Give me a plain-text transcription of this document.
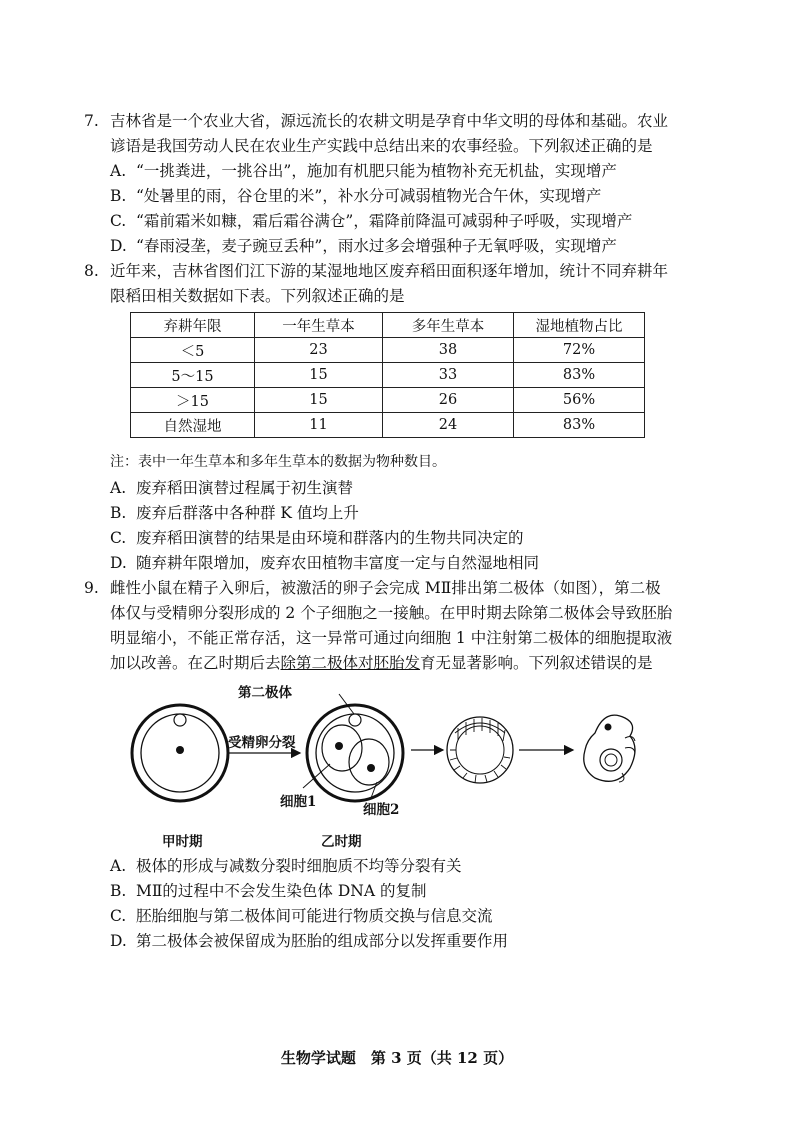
7. 吉林省是一个农业大省，源远流长的农耕文明是孕育中华文明的母体和基础。农业
谚语是我国劳动人民在农业生产实践中总结出来的农事经验。下列叙述正确的是
A. “一挑粪进，一挑谷出”，施加有机肥只能为植物补充无机盐，实现增产
B. “处暑里的雨，谷仓里的米”，补水分可减弱植物光合午休，实现增产
C. “霜前霜米如糠，霜后霜谷满仓”，霜降前降温可减弱种子呼吸，实现增产
D. “春雨浸垄，麦子豌豆丢种”，雨水过多会增强种子无氧呼吸，实现增产
8. 近年来，吉林省图们江下游的某湿地地区废弃稻田面积逐年增加，统计不同弃耕年
限稻田相关数据如下表。下列叙述正确的是
弃耕年限	一年生草本	多年生草本	湿地植物占比
＜5	23	38	72%
5～15	15	33	83%
＞15	15	26	56%
自然湿地	11	24	83%
注：表中一年生草本和多年生草本的数据为物种数目。
A. 废弃稻田演替过程属于初生演替
B. 废弃后群落中各种群 K 值均上升
C. 废弃稻田演替的结果是由环境和群落内的生物共同决定的
D. 随弃耕年限增加，废弃农田植物丰富度一定与自然湿地相同
9. 雌性小鼠在精子入卵后，被激活的卵子会完成 MⅡ排出第二极体（如图），第二极
体仅与受精卵分裂形成的 2 个子细胞之一接触。在甲时期去除第二极体会导致胚胎
明显缩小，不能正常存活，这一异常可通过向细胞 1 中注射第二极体的细胞提取液
加以改善。在乙时期后去除第二极体对胚胎发育无显著影响。下列叙述错误的是
第二极体
受精卵分裂
细胞1	细胞2
甲时期	乙时期
A. 极体的形成与减数分裂时细胞质不均等分裂有关
B. MⅡ的过程中不会发生染色体 DNA 的复制
C. 胚胎细胞与第二极体间可能进行物质交换与信息交流
D. 第二极体会被保留成为胚胎的组成部分以发挥重要作用
生物学试题　第 3 页（共 12 页）
